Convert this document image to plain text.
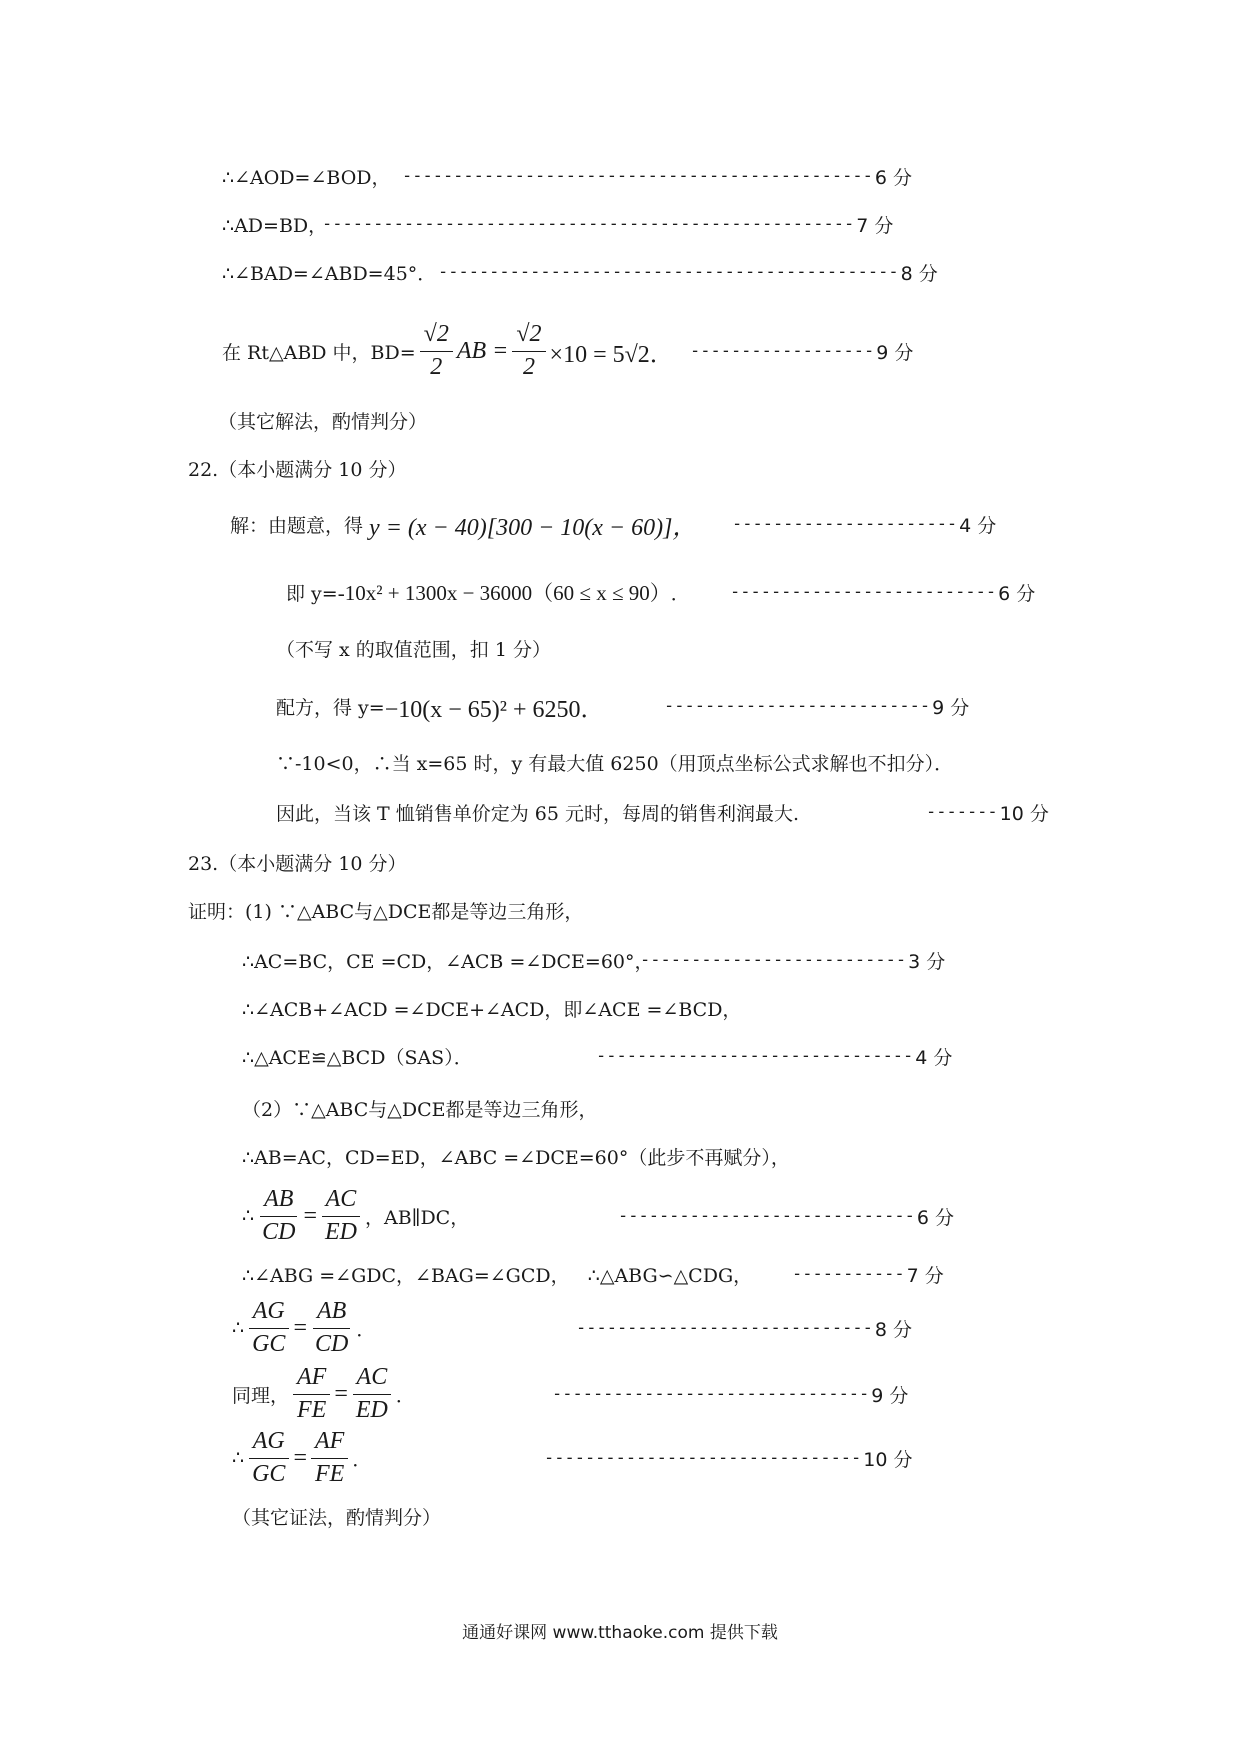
∴∠AOD=∠BOD， ---------------------------------------------- 6 分
∴AD=BD，
---------------------------------------------------- 7 分
∴∠BAD=∠ABD=45°． --------------------------------------------- 8 分
在 Rt△ABD 中，$BD= \frac{√2}{2}$ AB = $\frac{√2}{2} \times 10 = 5√2$． ------------------ 9 分
（其它解法，酌情判分）
22.（本小题满分 10 分）
解：由题意，得 y = (x − 40)[300 − 10(x − 60)]， ---------------------- 4 分
即 y= -10x² + 1300x − 36000（60 ≤ x ≤ 90） ． -------------------------- 6 分
（不写 x 的取值范围，扣 1 分）
配方，得 y= −10(x − 65)² + 6250．	-------------------------- 9 分
∵-10<0，∴当 x=65 时，y 有最大值 6250（用顶点坐标公式求解也不扣分）．
因此，当该 T 恤销售单价定为 65 元时，每周的销售利润最大.	------- 10 分
23.（本小题满分 10 分）
证明：(1) ∵△ABC与△DCE都是等边三角形，
∴AC=BC，CE =CD，∠ACB =∠DCE=60°，
-------------------------- 3 分
∴∠ACB+∠ACD =∠DCE+∠ACD，即∠ACE =∠BCD，
∴△ACE≌△BCD（SAS）．	------------------------------- 4 分
（2）∵△ABC与△DCE都是等边三角形，
∴AB=AC，CD=ED，∠ABC =∠DCE=60°（此步不再赋分），
∴ $\frac{AB}{CD} = \frac{AC}{ED}$ ，AB∥DC，	----------------------------- 6 分
∴∠ABG =∠GDC，∠BAG=∠GCD，   ∴△ABG∽△CDG， ----------- 7 分
∴ $\frac{AG}{GC} = \frac{AB}{CD}$ ．	----------------------------- 8 分
同理， $\frac{AF}{FE} = \frac{AC}{ED}$ ．	------------------------------- 9 分
∴ $\frac{AG}{GC} = \frac{AF}{FE}$ ．	------------------------------- 10 分
（其它证法，酌情判分）
通通好课网 www.tthaoke.com 提供下载
